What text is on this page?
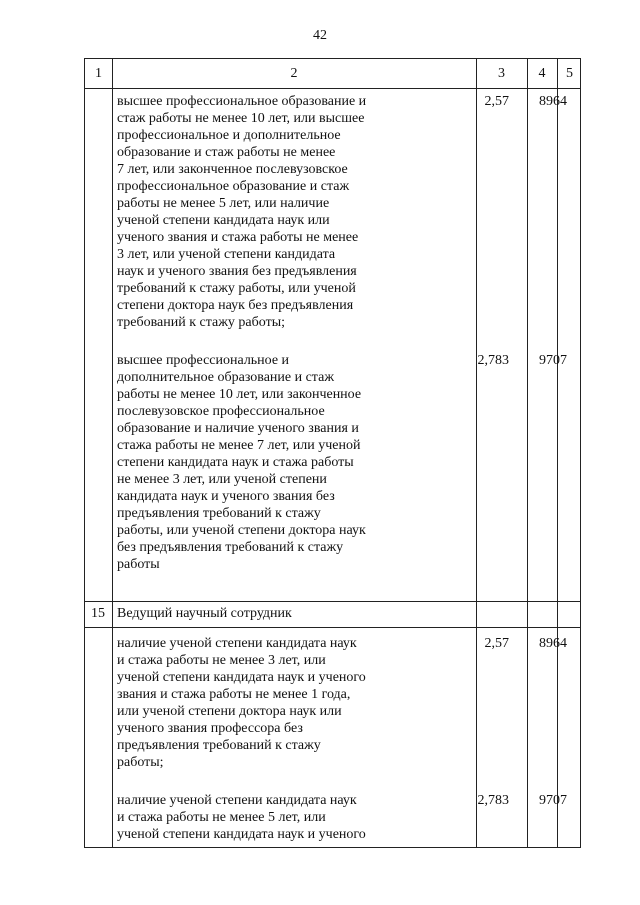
42
1	2	3	4	5
высшее профессиональное образование и
стаж работы не менее 10 лет, или высшее
профессиональное и дополнительное
образование и стаж работы не менее
7 лет, или законченное послевузовское
профессиональное образование и стаж
работы не менее 5 лет, или наличие
ученой степени кандидата наук или
ученого звания и стажа работы не менее
3 лет, или ученой степени кандидата
наук и ученого звания без предъявления
требований к стажу работы, или ученой
степени доктора наук без предъявления
требований к стажу работы;
2,57	8964
высшее профессиональное и
дополнительное образование и стаж
работы не менее 10 лет, или законченное
послевузовское профессиональное
образование и наличие ученого звания и
стажа работы не менее 7 лет, или ученой
степени кандидата наук и стажа работы
не менее 3 лет, или ученой степени
кандидата наук и ученого звания без
предъявления требований к стажу
работы, или ученой степени доктора наук
без предъявления требований к стажу
работы
2,783	9707
15 Ведущий научный сотрудник
наличие ученой степени кандидата наук
и стажа работы не менее 3 лет, или
ученой степени кандидата наук и ученого
звания и стажа работы не менее 1 года,
или ученой степени доктора наук или
ученого звания профессора без
предъявления требований к стажу
работы;
2,57	8964
наличие ученой степени кандидата наук
и стажа работы не менее 5 лет, или
ученой степени кандидата наук и ученого
2,783	9707
